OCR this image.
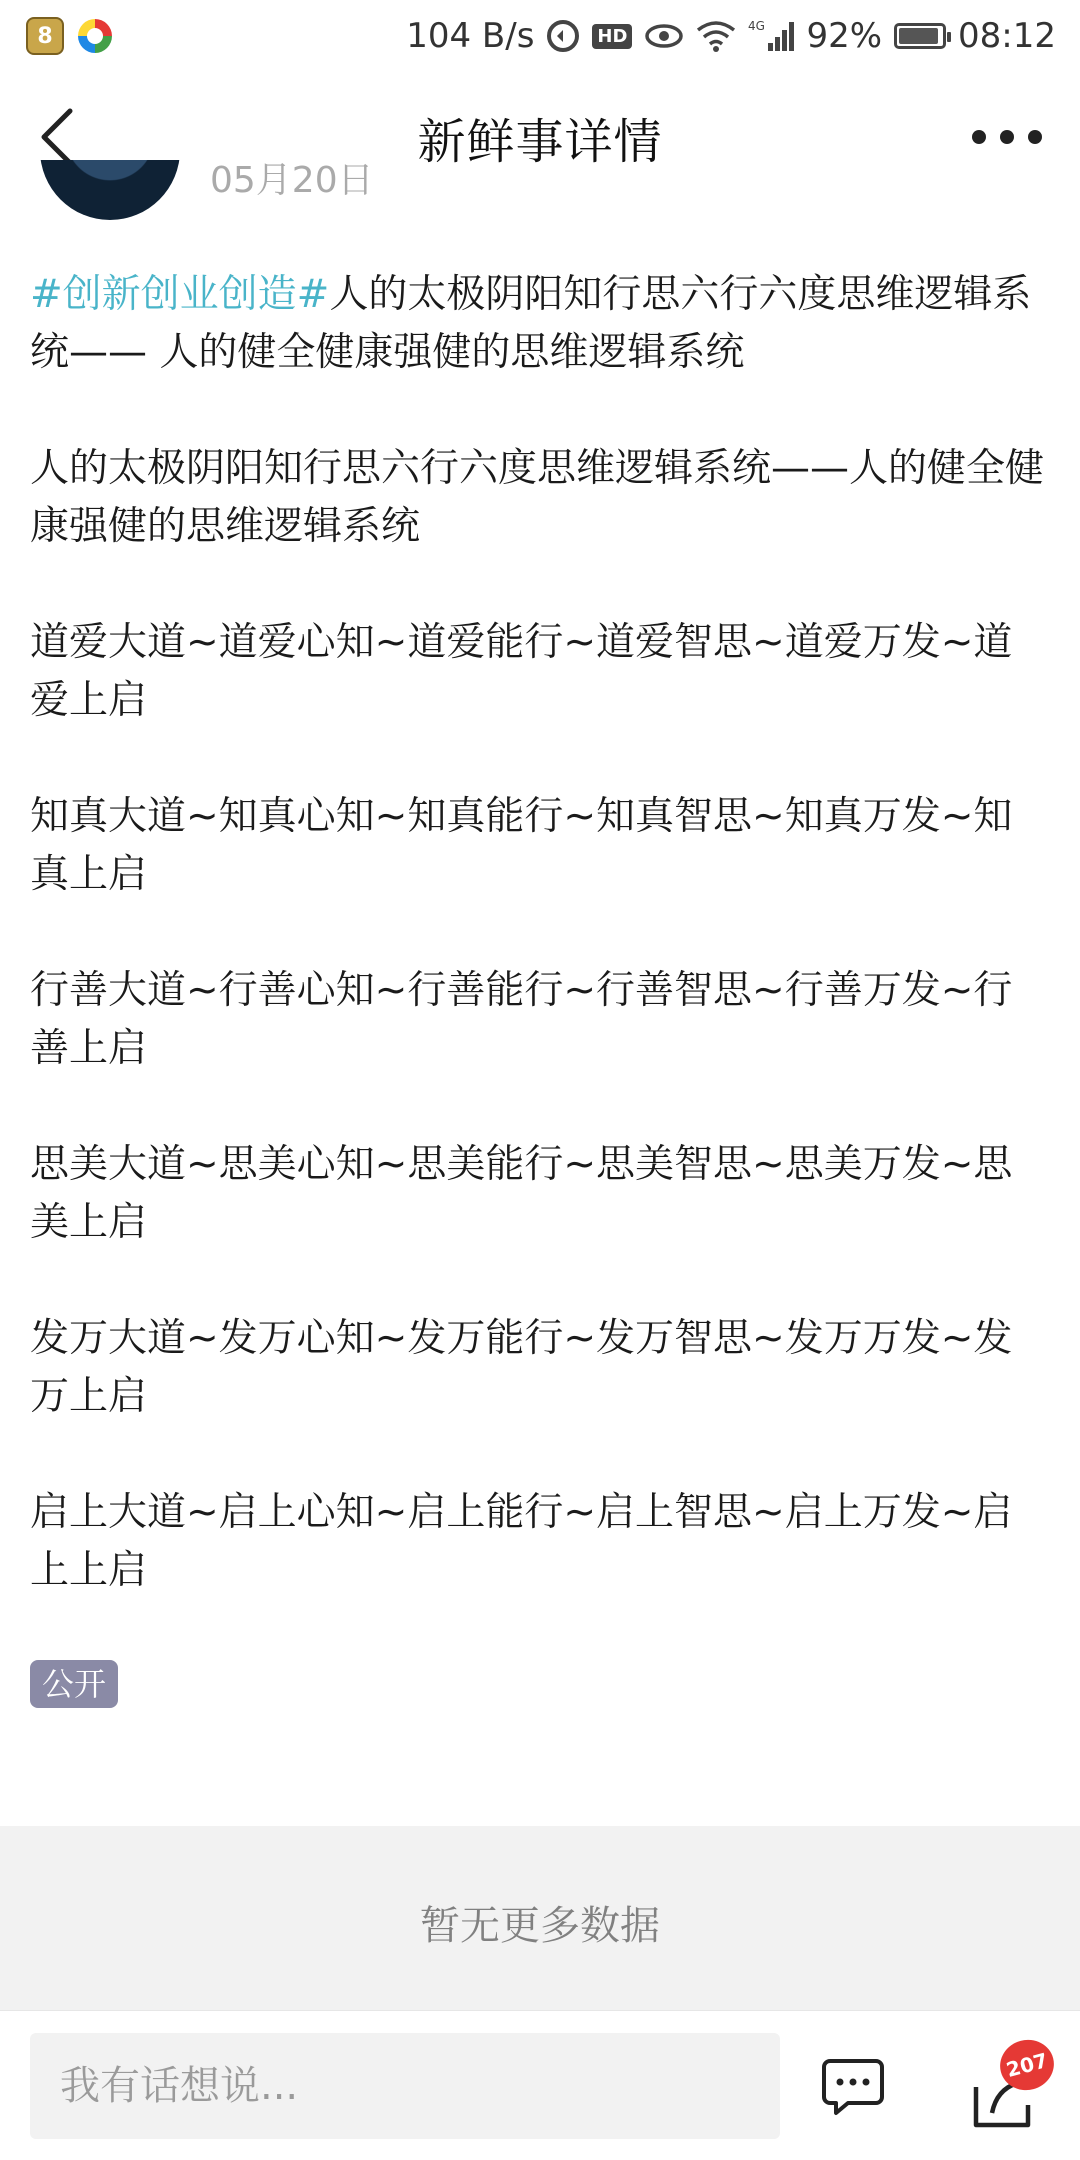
8	104 B/s	HD	4G 92% 08:12
新鲜事详情
05月20日
#创新创业创造#人的太极阴阳知行思六行六度思维逻辑系统—— 人的健全健康强健的思维逻辑系统
人的太极阴阳知行思六行六度思维逻辑系统——人的健全健康强健的思维逻辑系统
道爱大道~道爱心知~道爱能行~道爱智思~道爱万发~道爱上启
知真大道~知真心知~知真能行~知真智思~知真万发~知真上启
行善大道~行善心知~行善能行~行善智思~行善万发~行善上启
思美大道~思美心知~思美能行~思美智思~思美万发~思美上启
发万大道~发万心知~发万能行~发万智思~发万万发~发万上启
启上大道~启上心知~启上能行~启上智思~启上万发~启上上启
公开
暂无更多数据
我有话想说...
207
